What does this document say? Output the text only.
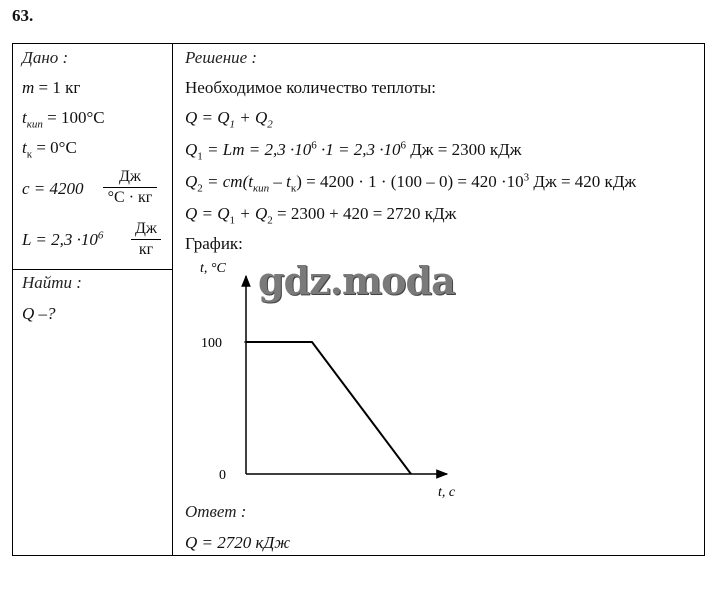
63.
Дано :
m = 1 кг
$t_{кип} = 100^\circ C$
$t_к = 0^\circ C$
c = 4200
Дж
°C · кг
$L = 2,3 \cdot 10^6$ Дж
кг
Найти :
Q –?
Решение :
Необходимое количество теплоты:
$Q = Q_1 + Q_2$
$Q_1 = Lm = 2,3 \cdot 10^6 \cdot 1 = 2,3 \cdot 10^6$ Дж = 2300 кДж
$Q_2 = cm(t_{кип} - t_к) = 4200 \cdot 1 \cdot (100 - 0) = 420 \cdot 10^3$ Дж = 420 кДж
$Q = Q_1 + Q_2 = 2300 + 420 = 2720$ кДж
График:
t, °C
t, c
100
0
Ответ :
Q = 2720 кДж
gdz.moda
